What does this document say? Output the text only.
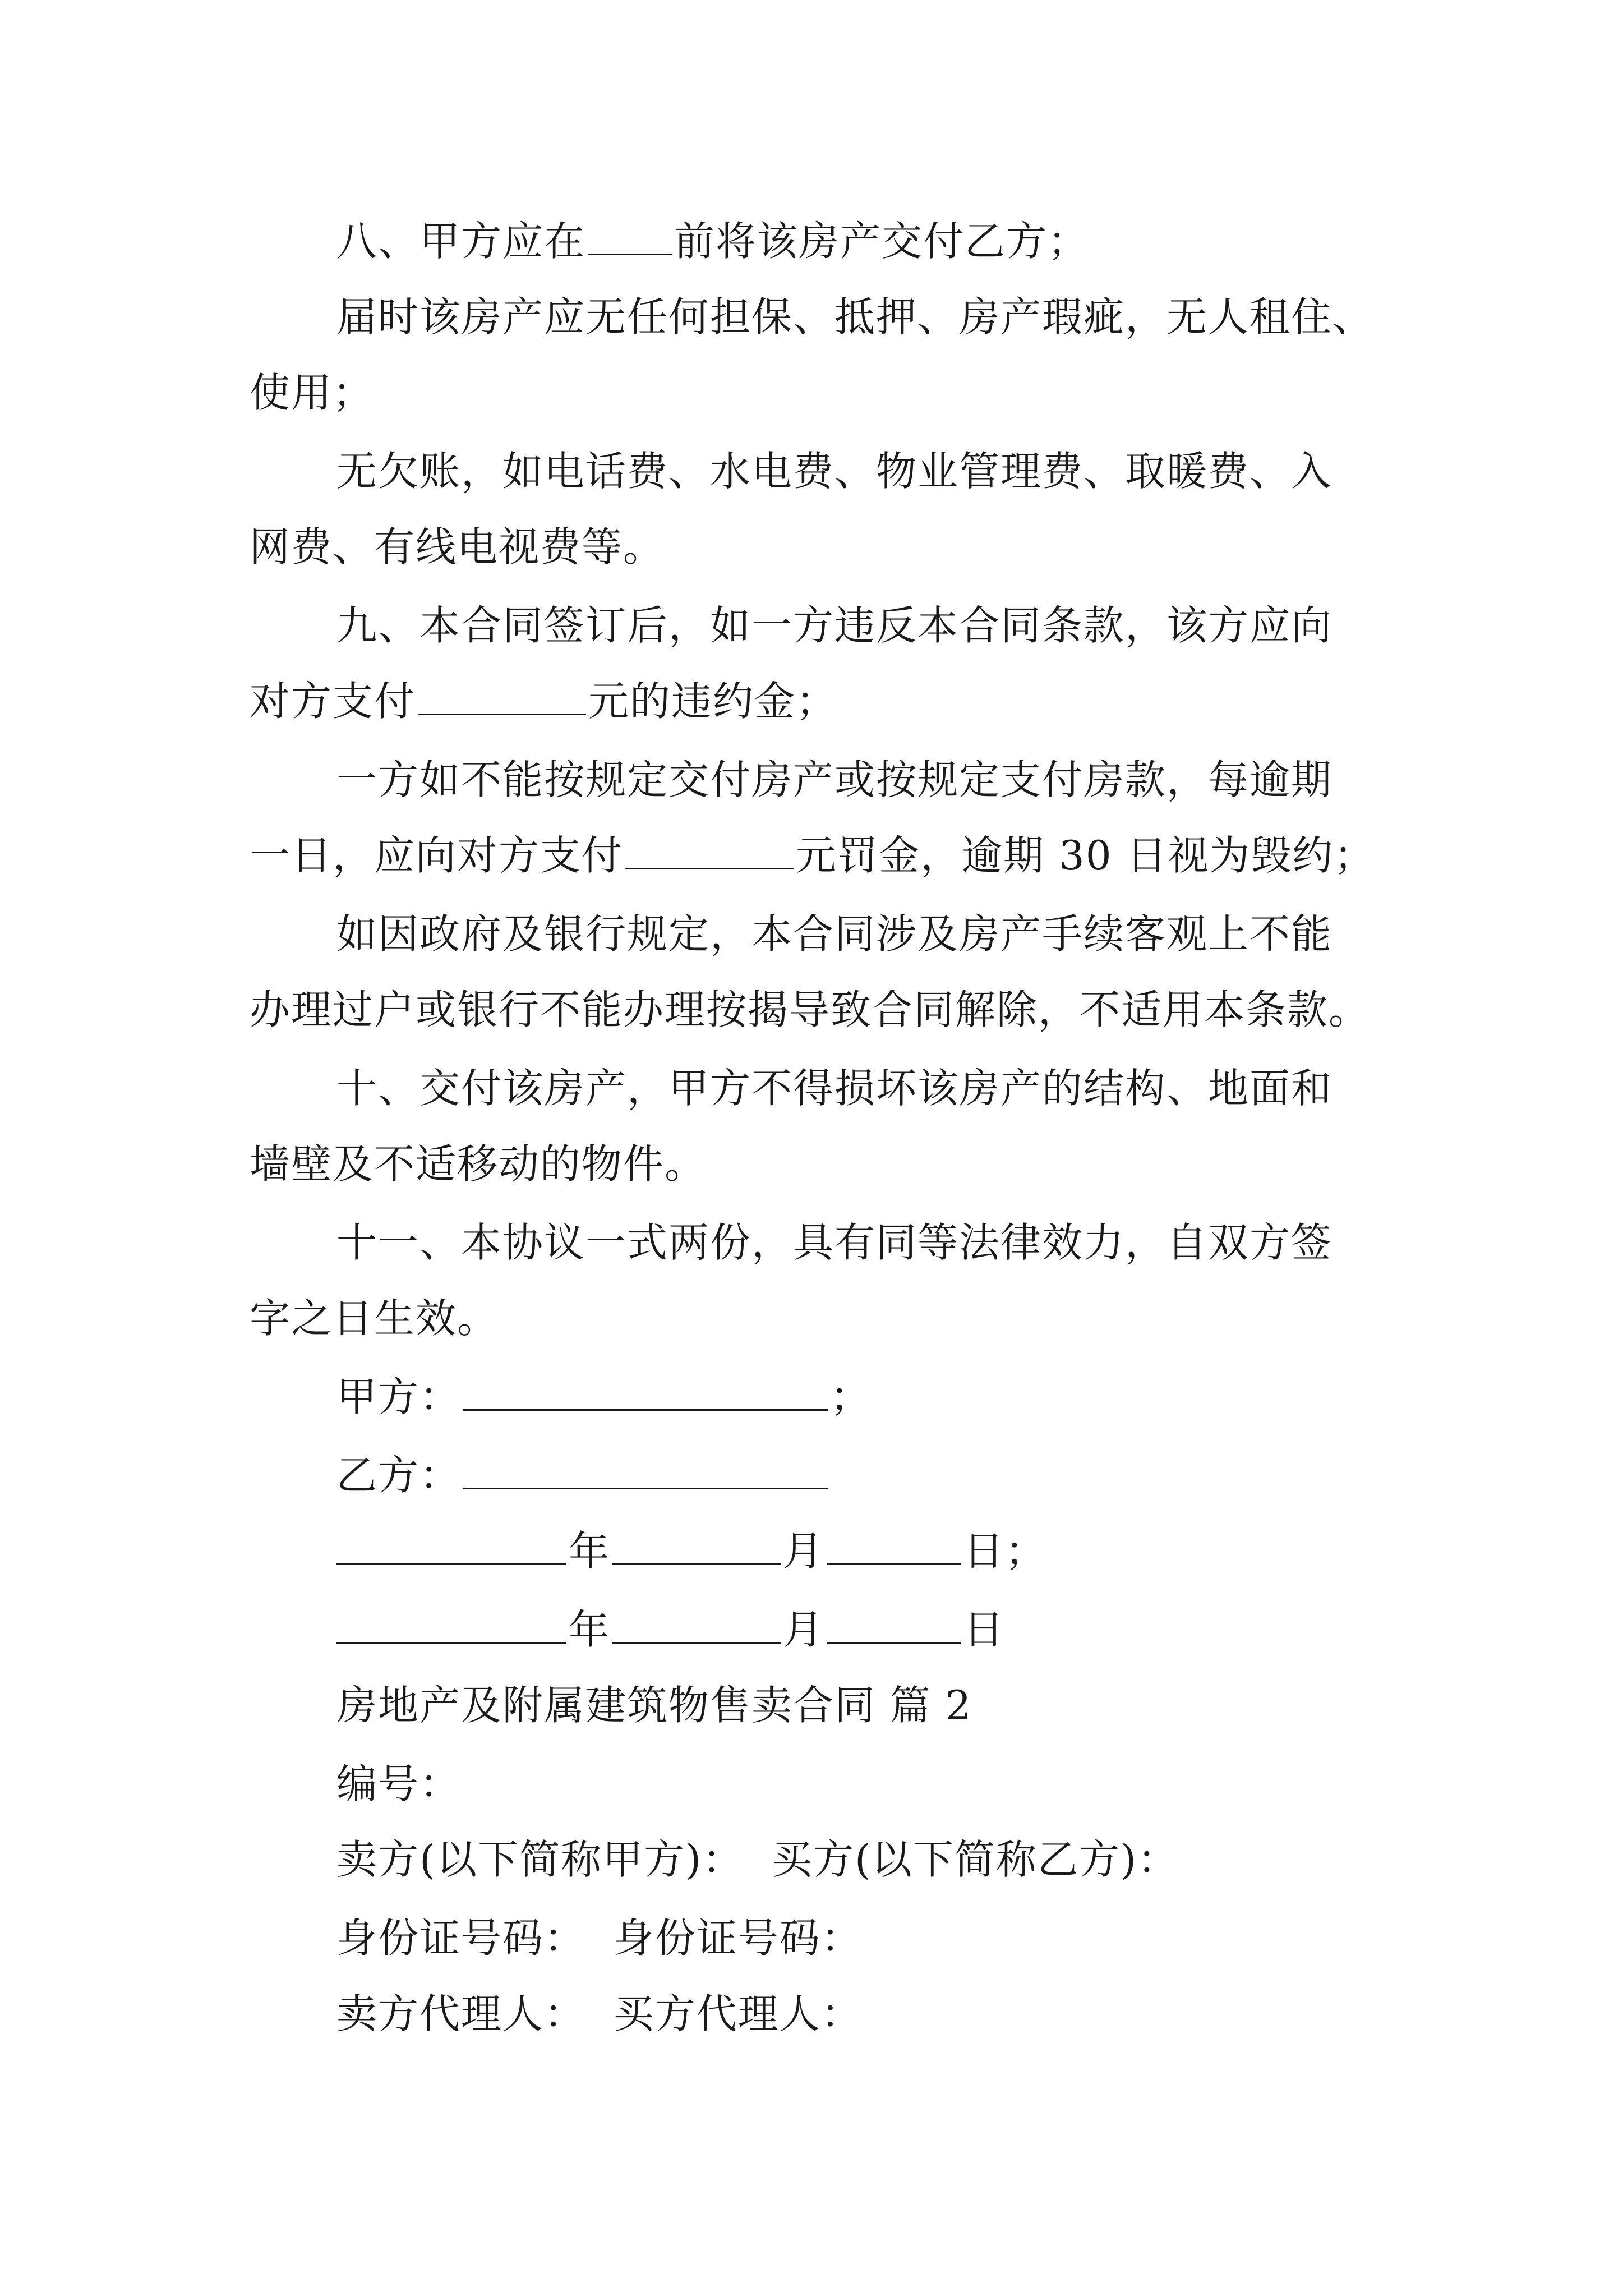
八、甲方应在 前将该房产交付乙方；
届时该房产应无任何担保、抵押、房产瑕疵，无人租住、
使用；
无欠账，如电话费、水电费、物业管理费、取暖费、入
网费、有线电视费等。
九、本合同签订后，如一方违反本合同条款，该方应向
对方支付	元的违约金；
一方如不能按规定交付房产或按规定支付房款，每逾期
一日，应向对方支付	元罚金，逾期 30 日视为毁约；
如因政府及银行规定，本合同涉及房产手续客观上不能
办理过户或银行不能办理按揭导致合同解除，不适用本条款。
十、交付该房产，甲方不得损坏该房产的结构、地面和
墙壁及不适移动的物件。
十一、本协议一式两份，具有同等法律效力，自双方签
字之日生效。
甲方：	；
乙方：
年	月	日；
年	月	日
房地产及附属建筑物售卖合同 篇 2
编号：
卖方(以下简称甲方)：  买方(以下简称乙方)：
身份证号码：  身份证号码：
卖方代理人：  买方代理人：
